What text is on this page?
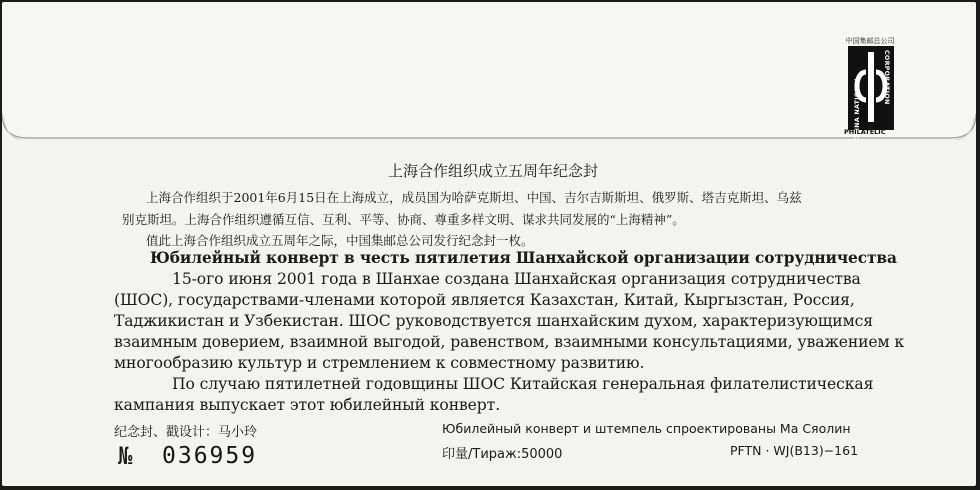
中国集邮总公司
CHINA NATIONAL	CORPORATION
PHILATELIC
上海合作组织成立五周年纪念封
上海合作组织于2001年6月15日在上海成立，成员国为哈萨克斯坦、中国、吉尔吉斯斯坦、俄罗斯、塔吉克斯坦、乌兹
别克斯坦。上海合作组织遵循互信、互利、平等、协商、尊重多样文明、谋求共同发展的“上海精神”。
值此上海合作组织成立五周年之际，中国集邮总公司发行纪念封一枚。
Юбилейный конверт в честь пятилетия Шанхайской организации сотрудничества
15-ого июня 2001 года в Шанхае создана Шанхайская организация сотрудничества
(ШОС), государствами-членами которой является Казахстан, Китай, Кыргызстан, Россия,
Таджикистан и Узбекистан. ШОС руководствуется шанхайским духом, характеризующимся
взаимным доверием, взаимной выгодой, равенством, взаимными консультациями, уважением к
многообразию культур и стремлением к совместному развитию.
По случаю пятилетней годовщины ШОС Китайская генеральная филателистическая
кампания выпускает этот юбилейный конверт.
纪念封、戳设计：马小玲	Юбилейный конверт и штемпель спроектированы Ма Сяолин
№ 036959	印量/Тираж:50000	PFTN · WJ(B13)−161
